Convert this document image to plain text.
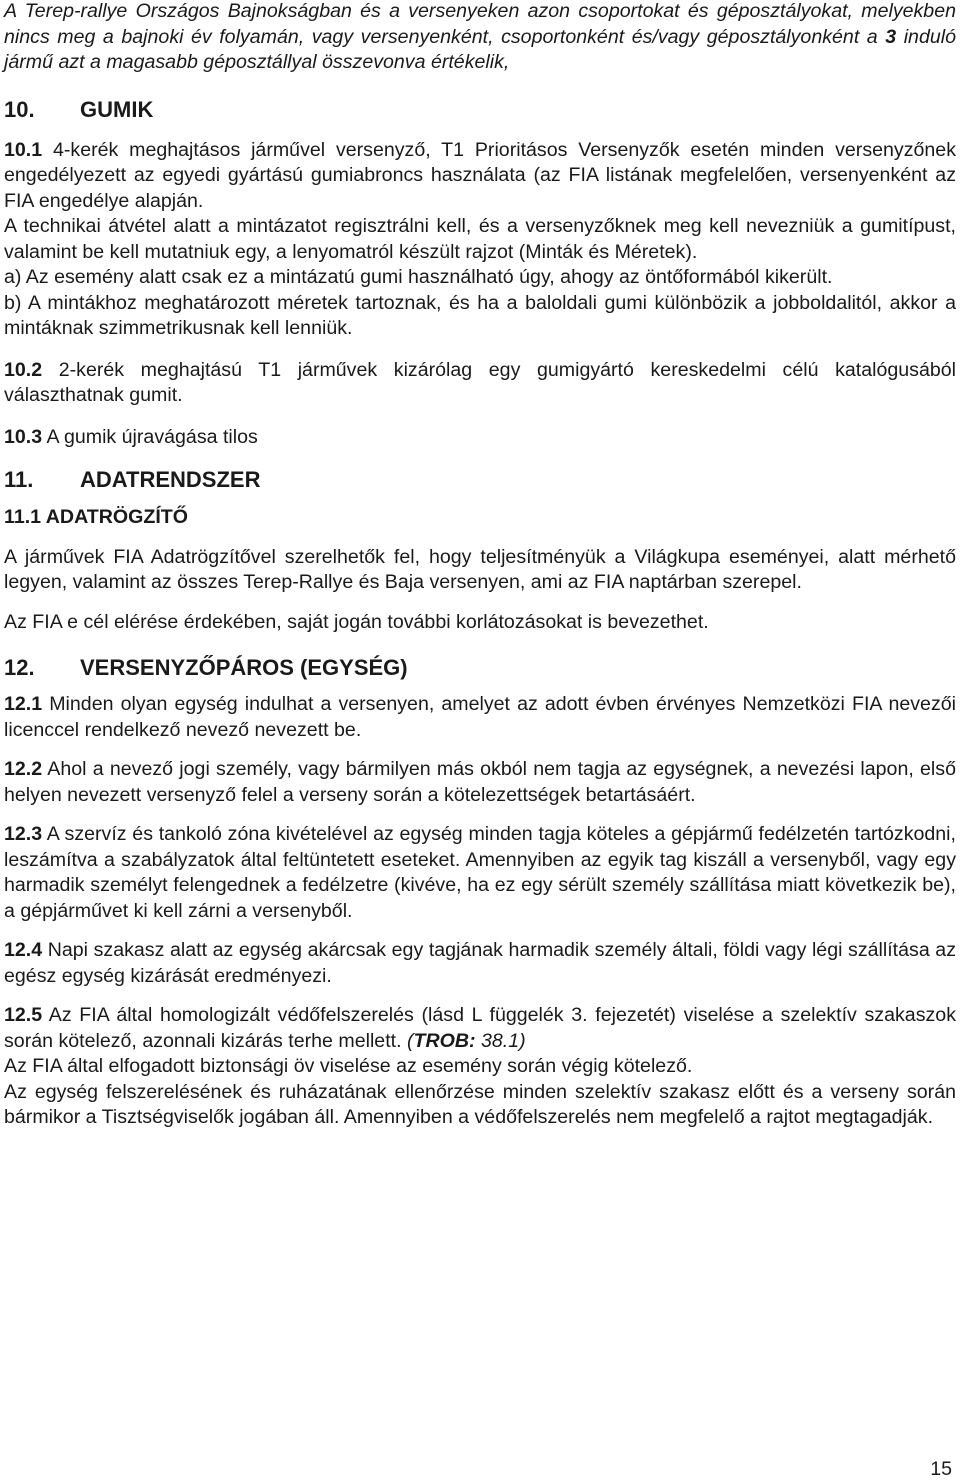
A Terep-rallye Országos Bajnokságban és a versenyeken azon csoportokat és géposztályokat, melyekben nincs meg a bajnoki év folyamán, vagy versenyenként, csoportonként és/vagy géposztályonként a 3 induló jármű azt a magasabb géposztállyal összevonva értékelik,

10. GUMIK

10.1 4-kerék meghajtásos járművel versenyző, T1 Prioritásos Versenyzők esetén minden versenyzőnek engedélyezett az egyedi gyártású gumiabroncs használata (az FIA listának megfelelően, versenyenként az FIA engedélye alapján.

A technikai átvétel alatt a mintázatot regisztrálni kell, és a versenyzőknek meg kell nevezniük a gumitípust, valamint be kell mutatniuk egy, a lenyomatról készült rajzot (Minták és Méretek).

a) Az esemény alatt csak ez a mintázatú gumi használható úgy, ahogy az öntőformából kikerült.

b) A mintákhoz meghatározott méretek tartoznak, és ha a baloldali gumi különbözik a jobboldalitól, akkor a mintáknak szimmetrikusnak kell lenniük.

10.2 2-kerék meghajtású T1 járművek kizárólag egy gumigyártó kereskedelmi célú katalógusából választhatnak gumit.

10.3 A gumik újravágása tilos

11. ADATRENDSZER

11.1 ADATRÖGZÍTŐ

A járművek FIA Adatrögzítővel szerelhetők fel, hogy teljesítményük a Világkupa eseményei, alatt mérhető legyen, valamint az összes Terep-Rallye és Baja versenyen, ami az FIA naptárban szerepel.

Az FIA e cél elérése érdekében, saját jogán további korlátozásokat is bevezethet.

12. VERSENYZŐPÁROS (EGYSÉG)

12.1 Minden olyan egység indulhat a versenyen, amelyet az adott évben érvényes Nemzetközi FIA nevezői licenccel rendelkező nevező nevezett be.

12.2 Ahol a nevező jogi személy, vagy bármilyen más okból nem tagja az egységnek, a nevezési lapon, első helyen nevezett versenyző felel a verseny során a kötelezettségek betartásáért.

12.3 A szervíz és tankoló zóna kivételével az egység minden tagja köteles a gépjármű fedélzetén tartózkodni, leszámítva a szabályzatok által feltüntetett eseteket. Amennyiben az egyik tag kiszáll a versenyből, vagy egy harmadik személyt felengednek a fedélzetre (kivéve, ha ez egy sérült személy szállítása miatt következik be), a gépjárművet ki kell zárni a versenyből.

12.4 Napi szakasz alatt az egység akárcsak egy tagjának harmadik személy általi, földi vagy légi szállítása az egész egység kizárását eredményezi.

12.5 Az FIA által homologizált védőfelszerelés (lásd L függelék 3. fejezetét) viselése a szelektív szakaszok során kötelező, azonnali kizárás terhe mellett. (TROB: 38.1)

Az FIA által elfogadott biztonsági öv viselése az esemény során végig kötelező.

Az egység felszerelésének és ruházatának ellenőrzése minden szelektív szakasz előtt és a verseny során bármikor a Tisztségviselők jogában áll. Amennyiben a védőfelszerelés nem megfelelő a rajtot megtagadják.

15
